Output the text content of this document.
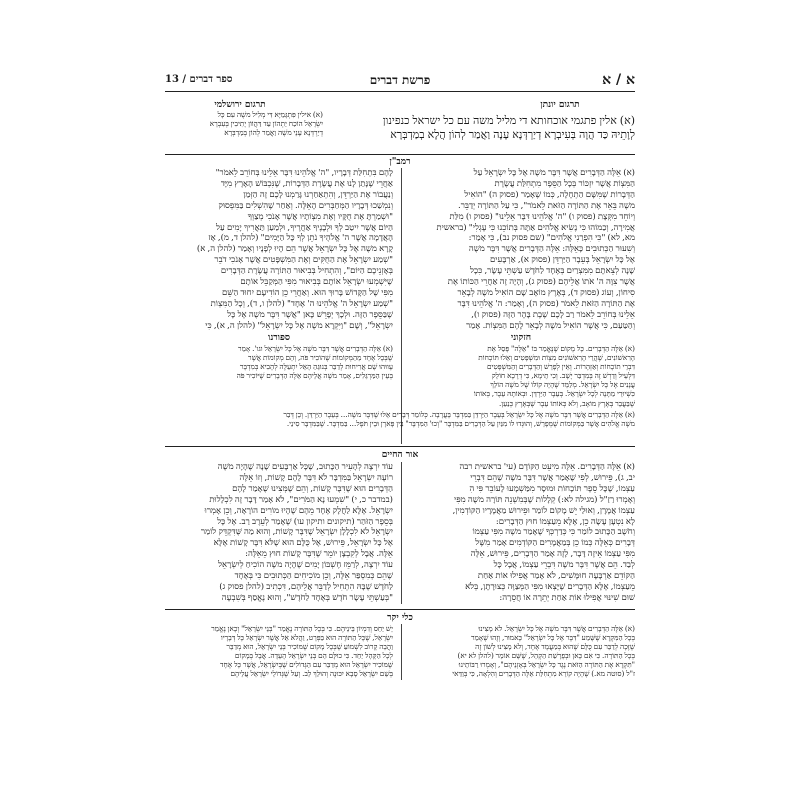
א / א
פרשת דברים
ספר דברים / 13
תרגום יונתן
תרגום ירושלמי
(א) אלין פתגמי אוכחותא די מליל משה עם כל ישראל כנפינון
לְוָתֵיהּ כַּד הֲוָה בְּעִיבְרָא דְיַרְדְּנָא עָנָה וַאֲמַר לְהוֹן הֲלָא בְמַדְבְּרָא
(א) אילין פִּתְגָּמַיָּא דִּי מְלִיל משֶׁה עִם כָּל
יִשְׂרָאֵל הוֹכַח יַתְהוֹן עַד דַּהֲוֹוֹן יָתִיבִין בְּעִבְרָא
דְיַרְדְּנָא עָנֵי משֶׁה וַאֲמַר לְהוֹן בְּמַדְבְּרָא
רמב"ן
(א) אֵלֶּה הַדְּבָרִים אֲשֶׁר דִּבֶּר משֶׁה אֶל כָּל יִשְׂרָאֵל עַל
הַמִּצְוֹת אֲשֶׁר יִזְכּוֹר בְּכָל הַסֵּפֶר מִתְחִלַּת עֲשֶׂרֶת
הַדְּבָרוֹת שֶׁמִּשָּׁם הַתְחָלָה, כְּמוֹ שֶׁאָמַר (פסוק ה) "הוֹאִיל
משֶׁה בֵּאֵר אֶת הַתּוֹרָה הַזֹּאת לֵאמֹר", כִּי עַל הַתּוֹרָה יְדַבֵּר.
וְיוֹחֵד מִקְּצָת (פסוק ו) "ה' אֱלֹהֵינוּ דִּבֶּר אֵלֵינוּ" (פסוק ו) מִלַּת
אֲמִירָה, וְכַמוֹהוּ כִּי נֶשִׂיא אֱלֹהִים אַתָּה בְּתוֹכֵנוּ כִּי עֶגְלִי" (בראשית
מא, לא) "כִּי הִפְרַנִי אֱלֹהִים" (שם פסוק נב), כִּי אָמַר:
וְשִׁעוּר הַכְּתוּבִים כָּאֵלֶּה: אֵלֶּה הַדְּבָרִים אֲשֶׁר דִּבֶּר משֶׁה
אֶל כָּל יִשְׂרָאֵל בְּעֵבֶר הַיַּרְדֵּן (פסוק א), אַרְבָּעִים
שָׁנָה לְצֵאתָם מִמִּצְרַיִם בְּאֶחָד לַחֹדֶשׁ עַשְׁתֵּי עָשָׂר, כִּכָל
אֲשֶׁר צִוָּה ה' אֹתוֹ אֲלֵיהֶם (פסוק ג), וְהָיָה זֶה אַחֲרֵי הַכּוֹתוֹ אֶת
סִיחוֹן, וְעוֹג (פסוק ד), בְּאֶרֶץ מוֹאָב שָׁם הוֹאִיל משֶׁה לְבָאֵר
אֶת הַתּוֹרָה הַזֹּאת לֵאמֹר (פסוק ה), וְאָמַר: ה' אֱלֹהֵינוּ דִּבֶּר
אֵלֵינוּ בְּחוֹרֵב לֵאמֹר רַב לָכֶם שֶׁבֶת בָּהָר הַזֶּה (פסוק ו),
וְהַטַּעַם, כִּי אֲשֶׁר הוֹאִיל משֶׁה לְבָאֵר לָהֶם הַמִּצְוֹת. אָמַר
לָהֶם בִּתְחִלַּת דְּבָרָיו, "ה' אֱלֹהֵינוּ דִּבֶּר אֵלֵינוּ בְּחוֹרֵב לֵאמֹר"
אַחֲרֵי שֶׁנָּתַן לָנוּ אֶת עֲשֶׂרֶת הַדְּבָרוֹת, שֶׁנִּכְבּוֹשׁ הָאָרֶץ מִיָּד
וְנַעֲבוֹר אֶת הַיַּרְדֵּן, וְהִתְאַחַרְנוּ גָּרַמְנוּ לָכֶם זֶה הַזְּמַן
וְנִמְשַׁכוּ דְּבָרָיו הַמְּחַבְּרִים הָאֵלֶּה. וְאַחַר שֶׁהִשְׁלִים בַּמִּפְסוּק
"וּשְׁמַרְתָּ אֶת חֻקָּיו וְאֶת מִצְוֹתָיו אֲשֶׁר אָנֹכִי מְצַוְּךָ
הַיּוֹם אֲשֶׁר יִיטַב לְךָ וּלְבָנֶיךָ אַחֲרֶיךָ, וּלְמַעַן תַּאֲרִיךְ יָמִים עַל
הָאֲדָמָה אֲשֶׁר ה' אֱלֹהֶיךָ נֹתֵן לְךָ כָּל הַיָּמִים" (להלן ד, מ), אָז
קָרָא משֶׁה אֶל כָּל יִשְׂרָאֵל אֲשֶׁר הֵם הָיוּ לְפָנָיו וְאָמַר (להלן ה, א)
"שְׁמַע יִשְׂרָאֵל אֶת הַחֻקִּים וְאֶת הַמִּשְׁפָּטִים אֲשֶׁר אָנֹכִי דֹבֵר
בְּאָזְנֵיכֶם הַיּוֹם", וְהִתְחִיל בְּבִיאוּר הַתּוֹרָה עֲשֶׂרֶת הַדְּבָרִים
שֶׁיִּשְׁמְעוּ יִשְׂרָאֵל אוֹתָם בְּבִיאוּר מִפִּי הַמְּקַבֵּל אוֹתָם
מִפִּי שֶׁל הַקָּדוֹשׁ בָּרוּךְ הוּא. וְאַחֲרֵי כֵן הוֹדִיעָם יִחוּד הַשֵּׁם
"שְׁמַע יִשְׂרָאֵל ה' אֱלֹהֵינוּ ה' אֶחָד" (להלן ו, ד), וְכָל הַמִּצְוֹת
שֶׁבַּסֵּפֶר הַזֶּה. וּלְכָךְ יְפָרֵשׁ כָּאן "אֲשֶׁר דִּבֶּר משֶׁה אֶל כָּל
יִשְׂרָאֵל", וְשָׁם "וַיִּקְרָא משֶׁה אֶל כָּל יִשְׂרָאֵל" (להלן ה, א), כִּי
חזקוני
(א) אֵלֶּה הַדְּבָרִים. כָּל מָקוֹם שֶׁנֶּאֱמַר בּוֹ "אֵלֶּה" פָּסַל אֶת
הָרִאשׁוֹנִים, שֶׁהֲרֵי הָרִאשׁוֹנִים מִצְוֹת וּמִשְׁפָּטִים וְאֵלוּ תּוֹכְחוֹת
דִּבְרֵי תוֹכָחוֹת וְאַזְהָרוֹת. וְאֵין לְפָרֵשׁ וְהַדְּבָרִים וְהַמִּשְׁפָּטִים
דִּלְעֵיל וְדַרְשׁ זֶה בְּמִדְבַּר יָשָׁב. וְכִי תֵימָא, כִּי דְרָכָא חוֹלֵק
עֲנָנִים אֶל כָּל יִשְׂרָאֵל. מְלַמֵּד שֶׁהָיָה קוֹלוֹ שֶׁל משֶׁה הוֹלֵךְ
כִּשְׁיוּרֵי מַתָּנָה לְכָל יִשְׂרָאֵל. בְּעֵבֶר הַיַּרְדֵּן. וּבְאוֹתָהּ עֵבֶר, בְּאוֹתוֹ
שֶׁבַּעֲבֵר בְּאֶרֶץ מוֹאָב, וְלֹא כְּאוֹתוֹ עֵבֶר שֶׁבְּאֶרֶץ כְּנַעַן.
ספורנו
(א) אֵלֶּה הַדְּבָרִים אֲשֶׁר דִּבֶּר משֶׁה אֶל כָּל יִשְׂרָאֵל וגו'. אָמַר
שֶׁבְּכָל אֶחָד מֵהַמְּקוֹמוֹת שֶׁהוֹכִיר פֹּה, וְהֵם מְקוֹמוֹת אֲשֶׁר
עָווּהוּ שָׁם אֲרִיחוּת לְדַבֵּר בְּנוּגֵהַ הָאֵל יִתְעַלֶּה לְהָבִיא בְּמִדְבָּר
בְּעֵין הַמַּרְגֵּלִים, אָמַר משֶׁה אֲלֵיהֶם אֵלֶּה הַדְּבָרִים שֶׁיּוֹכִיר פֹּה
(א) אֵלֶּה הַדְּבָרִים אֲשֶׁר דִּבֶּר משֶׁה אֶל כָּל יִשְׂרָאֵל בְּעֵבֶר הַיַּרְדֵּן בַּמִּדְבָּר בָּעֲרָבָה. כְּלוֹמַר דְּבָרִים אֵלּוּ שֶׁדִּבֶּר משֶׁה... בְּעֵבֶר הַיַּרְדֵּן. וְכֵן דְּבַר
משֶׁה אֱלֹהִים אֲשֶׁר בַּמְּקוֹמוֹת שֶׁמְּפָרֵשׁ, וְהוּגְּדוּ לוֹ מִנַּיִן עַל הַדְּבָרִים בַּמִּדְבָּר "וְכוּ' הַמִּדְבָּר" בֵּין פָּארָן וּבֵין תֹּפֶל... בַּמִּדְבָּר. שֶׁבַּמִּדְבָּר סִינַי.
אור החיים
(א) אֵלֶּה הַדְּבָרִים. אֵלֶּה מִיעֵט הַקּוֹדֶם (עי' בראשית רבה
יב, ג), פֵּירוּשׁ, לְפִי שֶׁאָמַר אֲשֶׁר דִּבֶּר משֶׁה שֶׁהֵם דִּבְרֵי
עַצְמוֹ, שֶׁכָּל סֵפֶר תּוֹכָחוֹת וּמוּסָר מִמַּשְׁמָעוּ לָעוֹבֵר פִּי הִ
וְאָמְרוּ רַזַ"ל (מגילה לא:) קְלָלוֹת שֶׁבְּמִשְׁנֵה תּוֹרָה משֶׁה מִפִּי
עַצְמוֹ אֲמָרָן, וְאוּלַי יֵשׁ מָקוֹם לוֹמַר וּפֵירוּשׁ מַאֲמָרָיו הַקּוֹדְמִין,
לָא נִטְעָן עָשָׂה כֵן, אֶלָּא מֵעַצְמוֹ חוּץ הַדְּבָרִים:
וְחֹשֶׁב הַכָּתוּב לוֹמַר כִּי כְּדַרְכְּךָ שֶׁאָמַר משֶׁה מִפִּי עַצְמוֹ
דְּבָרִים כְּאֵלֶּה כְּמוֹ כֵן בְּמַאֲמָרִים הַקּוֹדְמִים אָמַר מִשֶּׁל
מִפִּי עַצְמוֹ אֵיזֶה דָּבָר, לָזֶה אָמַר הַדְּבָרִים, פֵּירוּשׁ, אֵלֶּה
לְבַד. הֵם אֲשֶׁר דִּבֶּר משֶׁה דִּבְרֵי עַצְמוֹ, אֲבָל כָּל
הַקּוֹדֵם אַרְבָּעָה חוּמָּשִׁים, לֹא אָמַר אֲפִילוּ אוֹת אַחַת
מֵעַצְמוֹ, אֶלָּא הַדְּבָרִים שֶׁיָּצְאוּ מִפִּי הַמְּצַוֶּה כְּצוּרָתָן, בְּלֹא
שׁוּם שִׁינּוּי אֲפִילוּ אוֹת אַחַת יְתֵרָה אוֹ חֲסֵרָה:
עוֹד יִרְצֶה לְהָעִיר הַכָּתוּב, שֶׁכָּל אַרְבָּעִים שָׁנָה שֶׁהָיָה משֶׁה
רוֹעֶה יִשְׂרָאֵל בַּמִּדְבָּר לֹא דִּבֶּר לָהֶם קָשׁוֹת, וְזוֹ אֵלֶּה
הַדְּבָרִים הוּא שֶׁדִּבֶּר קָשׁוֹת, וְהֵם שֶׁמְּצִינוּ שֶׁאָמַר לָהֶם
(במדבר כ, י) "שִׁמְעוּ נָא הַמֹּרִים", לֹא אָמַר דָּבָר זֶה לִכְלָלוּת
יִשְׂרָאֵל. אֶלָּא לַחֲלָק אֶחָד מֵהֶם שֶׁהָיוּ מוֹרִים הוֹרָאָה, וְכֵן אָמְרוּ
בְּסֵפֶר הַזֹּהַר (תיקונים ותיקון עו) שֶׁאָמַר לְעֵרֶב רַב. אֶל כָּל
יִשְׂרָאֵל לֹא לִכְלָלָן יִשְׂרָאֵל שֶׁדִּבֶּר קָשׁוֹת, וְהוּא מַה שֶּׁדִּקְדֵּק לוֹמַר
אֶל כָּל יִשְׂרָאֵל, פֵּירוּשׁ, אֶל כֻּלָּם הוּא שֶׁלֹּא דִּבֶּר קָשׁוֹת אֶלָּא
אֵלֶּה. אֲבָל לְקִבְצָן יוֹמֵר שֶׁדִּבֶּר קָשׁוֹת חוּץ מֵאֵלֶּה:
עוֹד יִרְצֶה, לְרַמֵּז חֶשְׁבּוֹן יָמִים שֶׁהָיָה משֶׁה הוֹכִיחַ לְיִשְׂרָאֵל
שֶׁהֵם כְּמִסְפַּר אֵלֶּה, וְכֵן מוֹכִיחִים הַכְּתוּבִים כִּי בְּאֶחָד
לַחֹדֶשׁ שֶׁבָּהּ הִתְחִיל לְדַבֵּר אֲלֵיהֶם, דִּכְתִיב (להלן פסוק ג)
"בְּעַשְׁתֵּי עָשָׂר חֹדֶשׁ בְּאֶחָד לַחֹדֶשׁ", וְהוּא נֶאֱסַף בְּשִׁבְעָה
כלי יקר
(א) אֵלֶּה הַדְּבָרִים אֲשֶׁר דִּבֶּר משֶׁה אֶל כָּל יִשְׂרָאֵל. לֹא מָצִינוּ
בְּכָל הַמִּקְרָא שֶׁשָּׁמַע "דִּבֶּר אֶל כָּל יִשְׂרָאֵל" כָּאמוּר, וְזֶהוּ שֶׁאָמַר
שֶׁזֶּכָה לְדַבֵּר עִם כֻּלָּם שֶׁהוּא בְּמַעֲמָד אֶחָד, וְלֹא מָצִינוּ לְשׁוֹן זֶה
בְּכָל הַתּוֹרָה. כִּי אִם כָּאן וּבְפָרָשַׁת הַקְהֵל, שֶׁשָּׁם אוֹמֵר (להלן לא יא)
"תִּקְרָא אֶת הַתּוֹרָה הַזֹּאת נֶגֶד כָּל יִשְׂרָאֵל בְּאָזְנֵיהֶם", וְאָמְרוּ רַבּוֹתֵינוּ
ז"ל (סוטה מא.) שֶׁהָיָה קוֹרֵא מִתְחִלַּת אֵלֶּה הַדְּבָרִים וְהִלְאָה, כִּי בְּוַדַּאי
יֵשׁ יַחַס וְדִמְיוֹן בֵּינֵיהֶם. כִּי בְּכָל הַתּוֹרָה נֶאֱמַר "בְּנֵי יִשְׂרָאֵל" וְכָאן נֶאֱמַר
יִשְׂרָאֵל, שֶׁכָּל הַתּוֹרָה הוּא בַּפְּרָט, וַהֲלֹא אֵל אֲשֶׁר יִשְׂרָאֵל כָּל דְּבָרָיו
וַהֲבֵה קָרוֹב לִשְׁמוֹעַ שֶׁבְּכָל מָקוֹם שֶׁמּוֹכִיר בְּנֵי יִשְׂרָאֵל, הוּא מְדַבֵּר
לְכָל הַקָּהָל יַחַד. כִּי כוּלָּם הֵם בְּנֵי יִשְׂרָאֵל הָעֵדָה. אֲבָל בְּמָקוֹם
שֶׁמּוֹכִיר יִשְׂרָאֵל הוּא מְדַבֵּר עִם הַגְּדוֹלִים שֶׁבְּיִשְׂרָאֵל, אֲשֶׁר כָּל אֶחָד
בְּשֵׁם יִשְׂרָאֵל סָבָא יִכּוּנֶה וְהוּלַךְ לֵב. וְעַל שֶׁגְּדוֹלֵי יִשְׂרָאֵל עֲלֵיהֶם
